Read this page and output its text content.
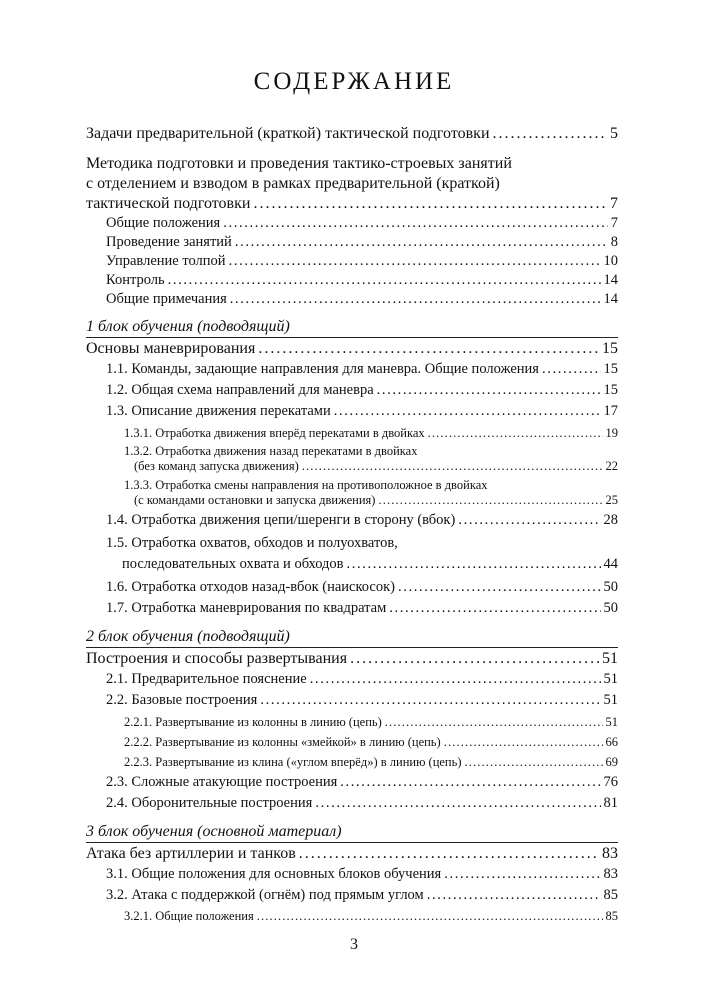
СОДЕРЖАНИЕ
Задачи предварительной (краткой) тактической подготовки . . .	5
Методика подготовки и проведения тактико-строевых занятий
с отделением и взводом в рамках предварительной (краткой)
тактической подготовки . . .	7
Общие положения . . .	7
Проведение занятий . . .	8
Управление толпой . . .	10
Контроль . . .	14
Общие примечания . . .	14
1 блок обучения (подводящий)
Основы маневрирования . . .	15
1.1. Команды, задающие направления для маневра. Общие положения . . .	15
1.2. Общая схема направлений для маневра . . .	15
1.3. Описание движения перекатами . . .	17
1.3.1. Отработка движения вперёд перекатами в двойках . . .	19
1.3.2. Отработка движения назад перекатами в двойках
(без команд запуска движения) . . .	22
1.3.3. Отработка смены направления на противоположное в двойках
(с командами остановки и запуска движения) . . .	25
1.4. Отработка движения цепи/шеренги в сторону (вбок) . . .	28
1.5. Отработка охватов, обходов и полуохватов,
последовательных охвата и обходов . . .	44
1.6. Отработка отходов назад-вбок (наискосок) . . .	50
1.7. Отработка маневрирования по квадратам . . .	50
2 блок обучения (подводящий)
Построения и способы развертывания . . .	51
2.1. Предварительное пояснение . . .	51
2.2. Базовые построения . . .	51
2.2.1. Развертывание из колонны в линию (цепь) . . .	51
2.2.2. Развертывание из колонны «змейкой» в линию (цепь) . . .	66
2.2.3. Развертывание из клина («углом вперёд») в линию (цепь) . . .	69
2.3. Сложные атакующие построения . . .	76
2.4. Оборонительные построения . . .	81
3 блок обучения (основной материал)
Атака без артиллерии и танков . . .	83
3.1. Общие положения для основных блоков обучения . . .	83
3.2. Атака с поддержкой (огнём) под прямым углом . . .	85
3.2.1. Общие положения . . .	85
3
